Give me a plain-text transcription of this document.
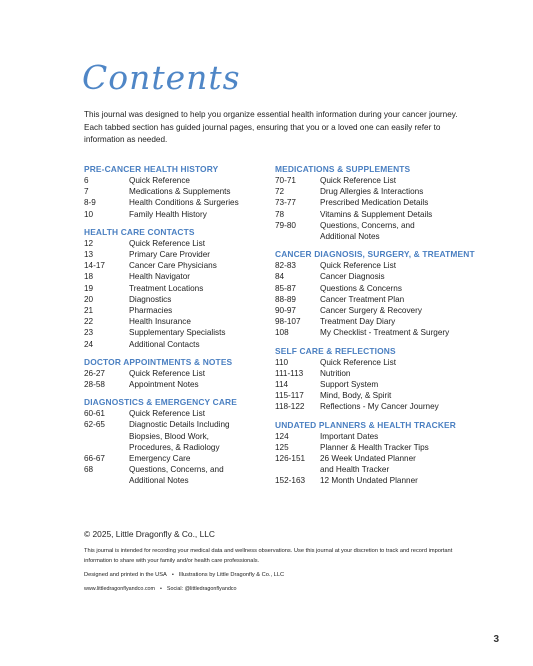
Contents
This journal was designed to help you organize essential health information during your cancer journey. Each tabbed section has guided journal pages, ensuring that you or a loved one can easily refer to information as needed.
PRE-CANCER HEALTH HISTORY
6	Quick Reference
7	Medications & Supplements
8-9	Health Conditions & Surgeries
10	Family Health History
HEALTH CARE CONTACTS
12	Quick Reference List
13	Primary Care Provider
14-17	Cancer Care Physicians
18	Health Navigator
19	Treatment Locations
20	Diagnostics
21	Pharmacies
22	Health Insurance
23	Supplementary Specialists
24	Additional Contacts
DOCTOR APPOINTMENTS & NOTES
26-27	Quick Reference List
28-58	Appointment Notes
DIAGNOSTICS & EMERGENCY CARE
60-61	Quick Reference List
62-65	Diagnostic Details Including
Biopsies, Blood Work,
Procedures, & Radiology
66-67	Emergency Care
68	Questions, Concerns, and
Additional Notes
MEDICATIONS & SUPPLEMENTS
70-71	Quick Reference List
72	Drug Allergies & Interactions
73-77	Prescribed Medication Details
78	Vitamins & Supplement Details
79-80	Questions, Concerns, and
Additional Notes
CANCER DIAGNOSIS, SURGERY, & TREATMENT
82-83	Quick Reference List
84	Cancer Diagnosis
85-87	Questions & Concerns
88-89	Cancer Treatment Plan
90-97	Cancer Surgery & Recovery
98-107	Treatment Day Diary
108	My Checklist - Treatment & Surgery
SELF CARE & REFLECTIONS
110	Quick Reference List
111-113	Nutrition
114	Support System
115-117	Mind, Body, & Spirit
118-122	Reflections - My Cancer Journey
UNDATED PLANNERS & HEALTH TRACKER
124	Important Dates
125	Planner & Health Tracker Tips
126-151	26 Week Undated Planner
and Health Tracker
152-163	12 Month Undated Planner
© 2025, Little Dragonfly & Co., LLC
This journal is intended for recording your medical data and wellness observations. Use this journal at your discretion to track and record important information to share with your family and/or health care professionals.
Designed and printed in the USA • Illustrations by Little Dragonfly & Co., LLC
www.littledragonflyandco.com • Social: @littledragonflyandco
3
